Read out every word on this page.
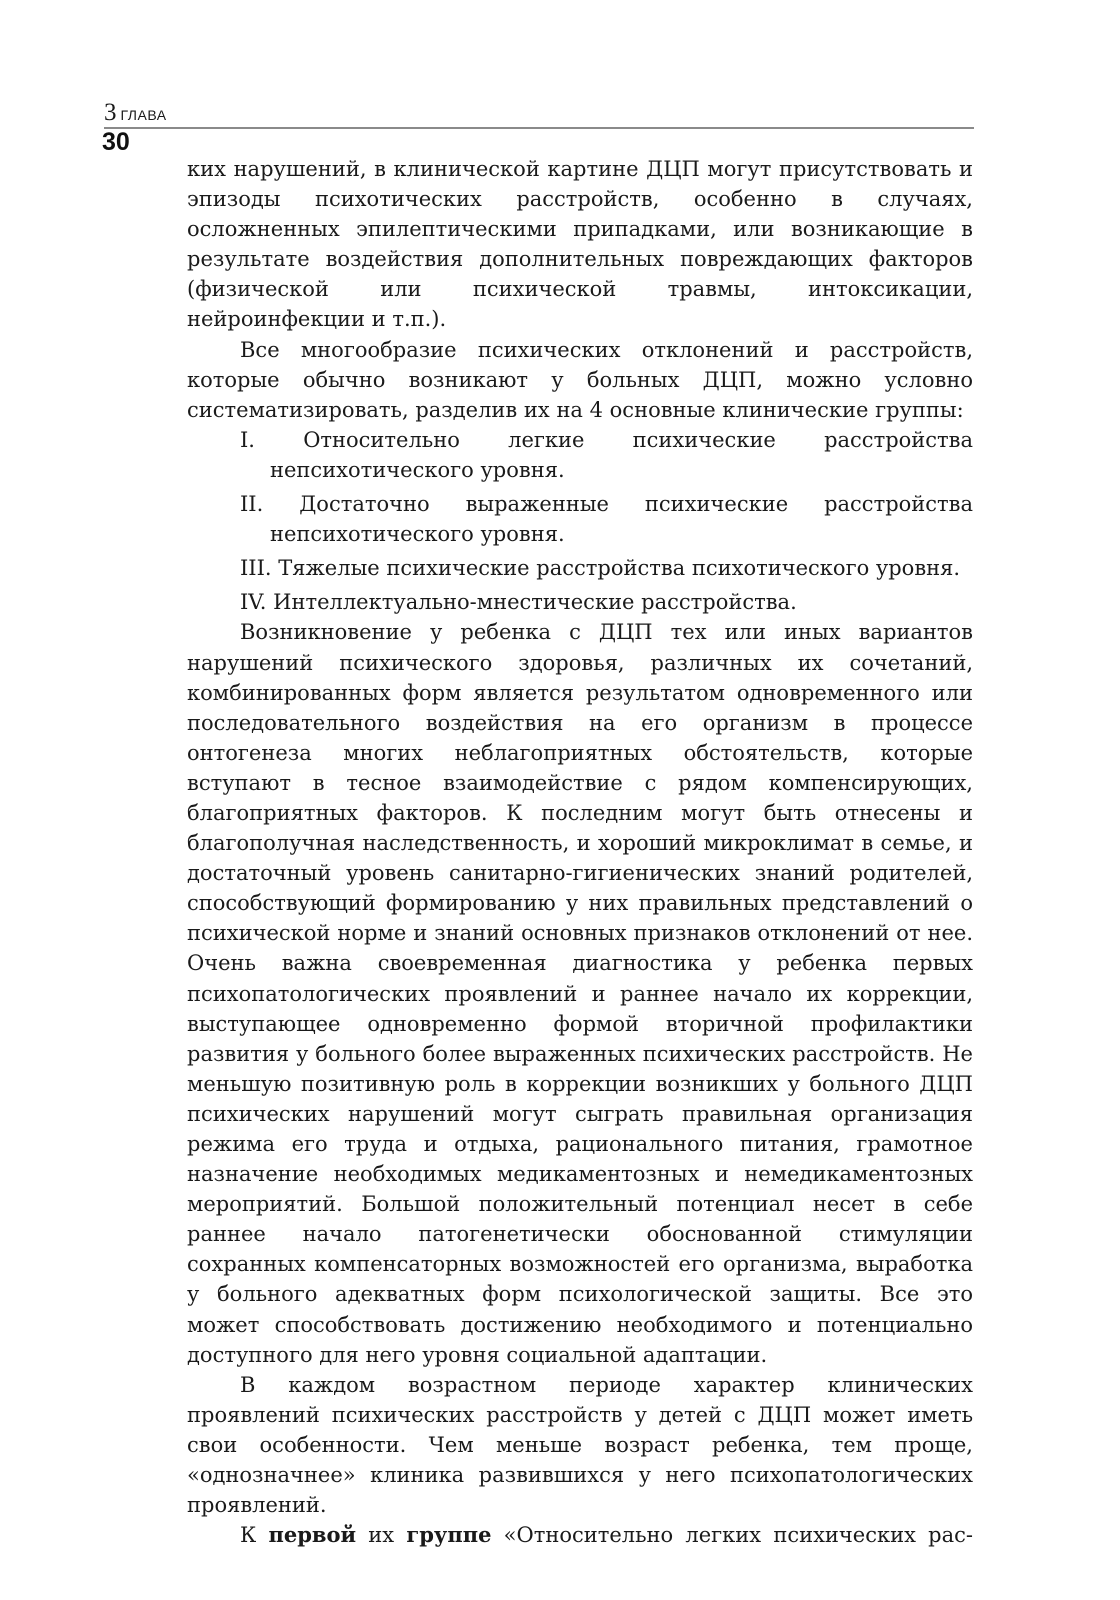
3 ГЛАВА
30

ких нарушений, в клинической картине ДЦП могут присутствовать и эпизоды психотических расстройств, особенно в случаях, осложненных эпилептическими припадками, или возникающие в результате воздействия дополнительных повреждающих факторов (физической или психической травмы, интоксикации, нейроинфекции и т.п.).

Все многообразие психических отклонений и расстройств, которые обычно возникают у больных ДЦП, можно условно систематизировать, разделив их на 4 основные клинические группы:

I. Относительно легкие психические расстройства непсихотического уровня.

II. Достаточно выраженные психические расстройства непсихотического уровня.

III. Тяжелые психические расстройства психотического уровня.

IV. Интеллектуально-мнестические расстройства.

Возникновение у ребенка с ДЦП тех или иных вариантов нарушений психического здоровья, различных их сочетаний, комбинированных форм является результатом одновременного или последовательного воздействия на его организм в процессе онтогенеза многих неблагоприятных обстоятельств, которые вступают в тесное взаимодействие с рядом компенсирующих, благоприятных факторов. К последним могут быть отнесены и благополучная наследственность, и хороший микроклимат в семье, и достаточный уровень санитарно-гигиенических знаний родителей, способствующий формированию у них правильных представлений о психической норме и знаний основных признаков отклонений от нее. Очень важна своевременная диагностика у ребенка первых психопатологических проявлений и раннее начало их коррекции, выступающее одновременно формой вторичной профилактики развития у больного более выраженных психических расстройств. Не меньшую позитивную роль в коррекции возникших у больного ДЦП психических нарушений могут сыграть правильная организация режима его труда и отдыха, рационального питания, грамотное назначение необходимых медикаментозных и немедикаментозных мероприятий. Большой положительный потенциал несет в себе раннее начало патогенетически обоснованной стимуляции сохранных компенсаторных возможностей его организма, выработка у больного адекватных форм психологической защиты. Все это может способствовать достижению необходимого и потенциально доступного для него уровня социальной адаптации.

В каждом возрастном периоде характер клинических проявлений психических расстройств у детей с ДЦП может иметь свои особенности. Чем меньше возраст ребенка, тем проще, «однозначнее» клиника развившихся у него психопатологических проявлений.

К первой их группе «Относительно легких психических рас-
